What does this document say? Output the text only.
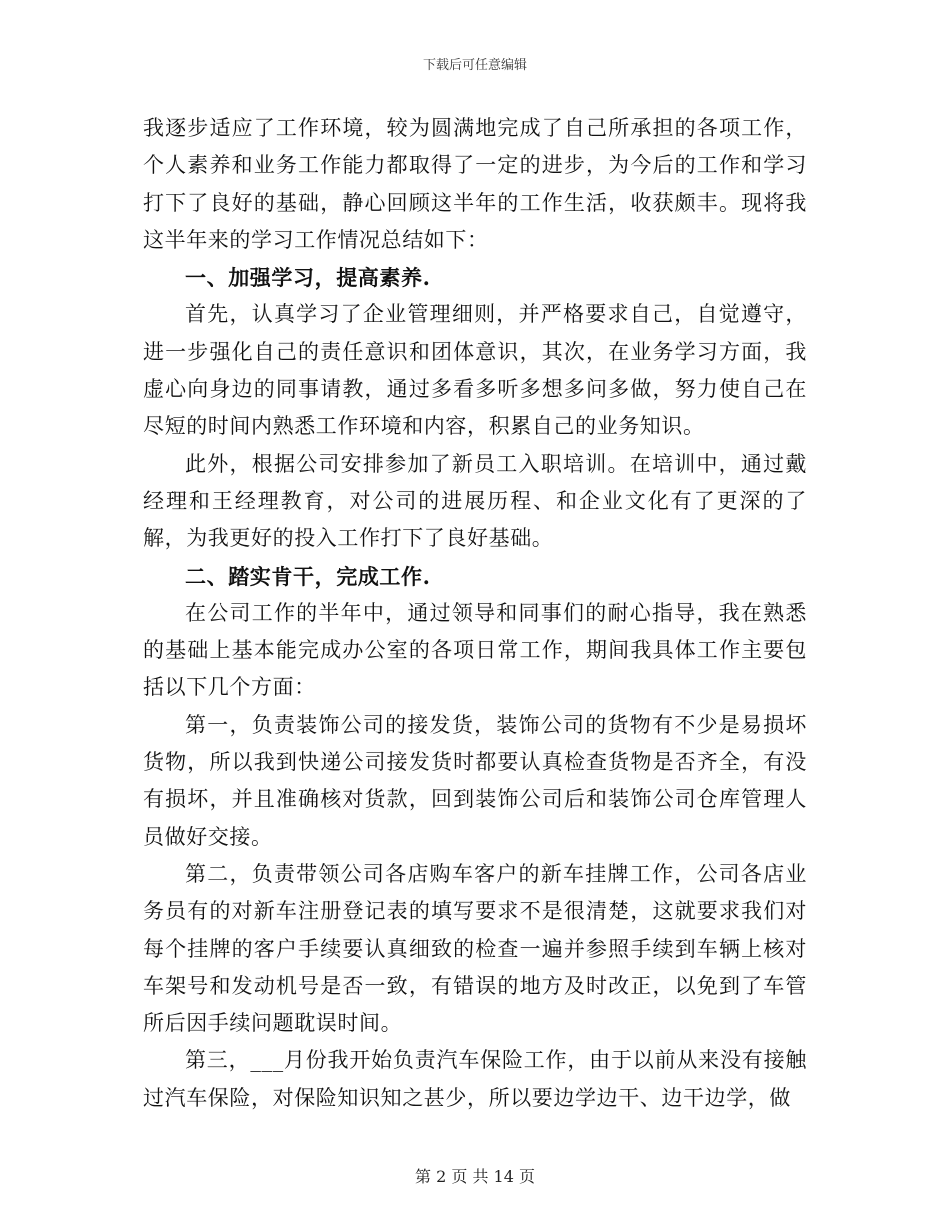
下载后可任意编辑

我逐步适应了工作环境，较为圆满地完成了自己所承担的各项工作，个人素养和业务工作能力都取得了一定的进步，为今后的工作和学习打下了良好的基础，静心回顾这半年的工作生活，收获颇丰。现将我这半年来的学习工作情况总结如下：

一、加强学习，提高素养.

首先，认真学习了企业管理细则，并严格要求自己，自觉遵守，进一步强化自己的责任意识和团体意识，其次，在业务学习方面，我虚心向身边的同事请教，通过多看多听多想多问多做，努力使自己在尽短的时间内熟悉工作环境和内容，积累自己的业务知识。

此外，根据公司安排参加了新员工入职培训。在培训中，通过戴经理和王经理教育，对公司的进展历程、和企业文化有了更深的了解，为我更好的投入工作打下了良好基础。

二、踏实肯干，完成工作.

在公司工作的半年中，通过领导和同事们的耐心指导，我在熟悉的基础上基本能完成办公室的各项日常工作，期间我具体工作主要包括以下几个方面：

第一，负责装饰公司的接发货，装饰公司的货物有不少是易损坏货物，所以我到快递公司接发货时都要认真检查货物是否齐全，有没有损坏，并且准确核对货款，回到装饰公司后和装饰公司仓库管理人员做好交接。

第二，负责带领公司各店购车客户的新车挂牌工作，公司各店业务员有的对新车注册登记表的填写要求不是很清楚，这就要求我们对每个挂牌的客户手续要认真细致的检查一遍并参照手续到车辆上核对车架号和发动机号是否一致，有错误的地方及时改正，以免到了车管所后因手续问题耽误时间。

第三，___月份我开始负责汽车保险工作，由于以前从来没有接触过汽车保险，对保险知识知之甚少，所以要边学边干、边干边学，做

第 2 页 共 14 页
